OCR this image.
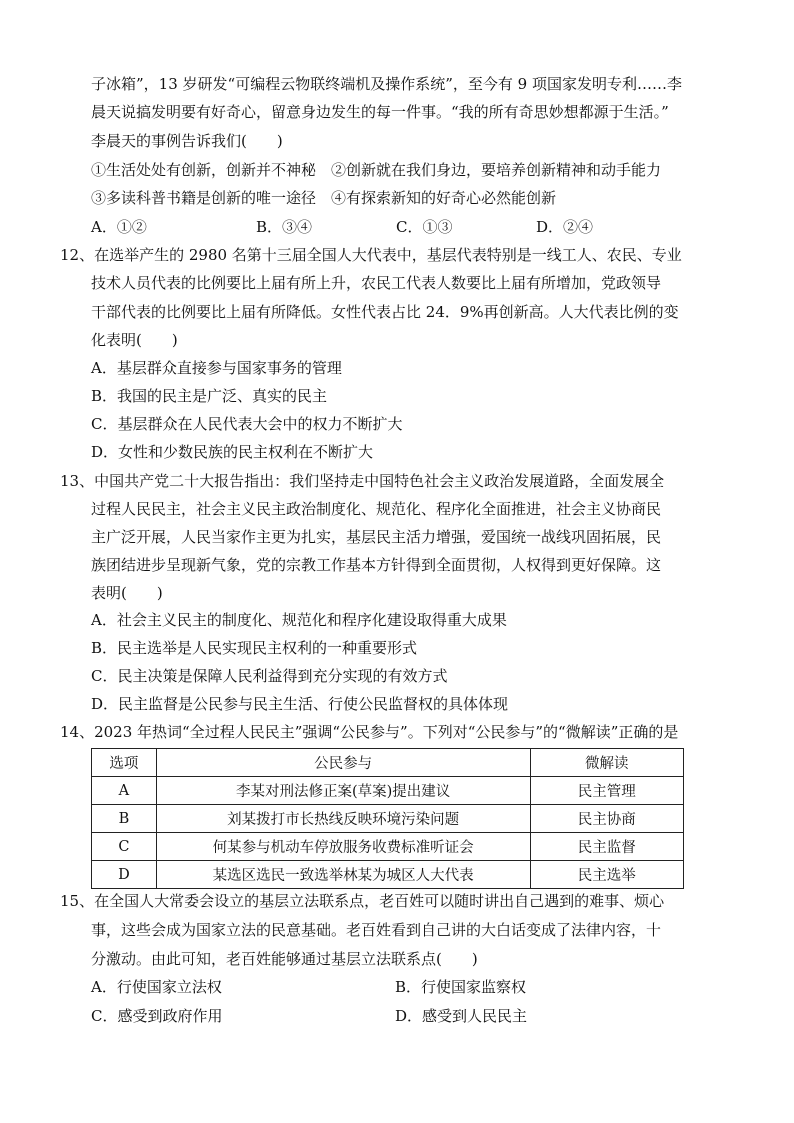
子冰箱”，13 岁研发“可编程云物联终端机及操作系统”，至今有 9 项国家发明专利……李
晨天说搞发明要有好奇心，留意身边发生的每一件事。“我的所有奇思妙想都源于生活。”
李晨天的事例告诉我们(　　)
①生活处处有创新，创新并不神秘　②创新就在我们身边，要培养创新精神和动手能力
③多读科普书籍是创新的唯一途径　④有探索新知的好奇心必然能创新
A．①②	B．③④	C．①③	D．②④
12、在选举产生的 2980 名第十三届全国人大代表中，基层代表特别是一线工人、农民、专业
技术人员代表的比例要比上届有所上升，农民工代表人数要比上届有所增加，党政领导
干部代表的比例要比上届有所降低。女性代表占比 24．9%再创新高。人大代表比例的变
化表明(　　)
A．基层群众直接参与国家事务的管理
B．我国的民主是广泛、真实的民主
C．基层群众在人民代表大会中的权力不断扩大
D．女性和少数民族的民主权利在不断扩大
13、中国共产党二十大报告指出：我们坚持走中国特色社会主义政治发展道路，全面发展全
过程人民民主，社会主义民主政治制度化、规范化、程序化全面推进，社会主义协商民
主广泛开展，人民当家作主更为扎实，基层民主活力增强，爱国统一战线巩固拓展，民
族团结进步呈现新气象，党的宗教工作基本方针得到全面贯彻，人权得到更好保障。这
表明(　　)
A．社会主义民主的制度化、规范化和程序化建设取得重大成果
B．民主选举是人民实现民主权利的一种重要形式
C．民主决策是保障人民利益得到充分实现的有效方式
D．民主监督是公民参与民主生活、行使公民监督权的具体体现
14、2023 年热词“全过程人民民主”强调“公民参与”。下列对“公民参与”的“微解读”正确的是
选项	公民参与	微解读
A	李某对刑法修正案(草案)提出建议	民主管理
B	刘某拨打市长热线反映环境污染问题	民主协商
C	何某参与机动车停放服务收费标准听证会	民主监督
D	某选区选民一致选举林某为城区人大代表	民主选举
15、在全国人大常委会设立的基层立法联系点，老百姓可以随时讲出自己遇到的难事、烦心
事，这些会成为国家立法的民意基础。老百姓看到自己讲的大白话变成了法律内容，十
分激动。由此可知，老百姓能够通过基层立法联系点(　　)
A．行使国家立法权	B．行使国家监察权
C．感受到政府作用	D．感受到人民民主
